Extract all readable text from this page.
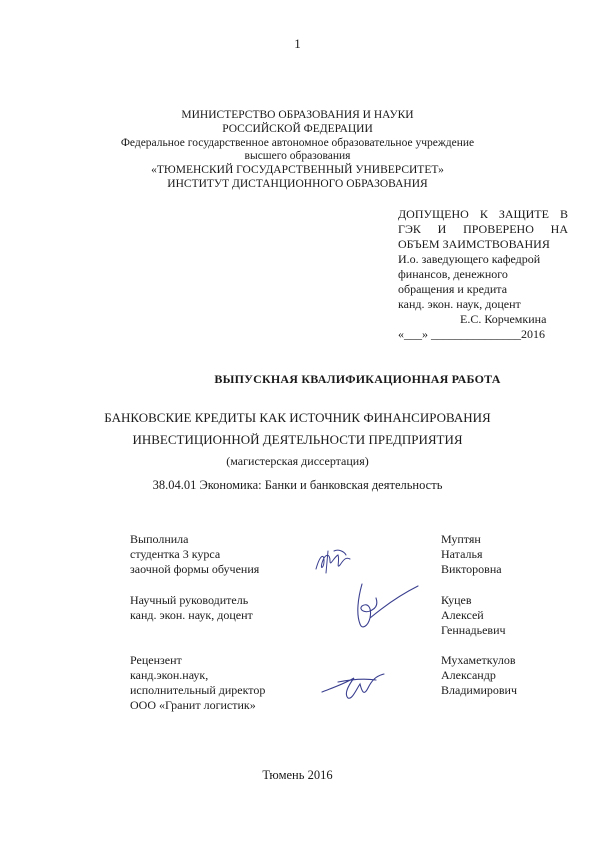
1
МИНИСТЕРСТВО ОБРАЗОВАНИЯ И НАУКИ
РОССИЙСКОЙ ФЕДЕРАЦИИ
Федеральное государственное автономное образовательное учреждение
высшего образования
«ТЮМЕНСКИЙ ГОСУДАРСТВЕННЫЙ УНИВЕРСИТЕТ»
ИНСТИТУТ ДИСТАНЦИОННОГО ОБРАЗОВАНИЯ
ДОПУЩЕНО К ЗАЩИТЕ В
ГЭК И ПРОВЕРЕНО НА
ОБЪЕМ ЗАИМСТВОВАНИЯ
И.о. заведующего кафедрой
финансов, денежного
обращения и кредита
канд. экон. наук, доцент
Е.С. Корчемкина
«___» _______________2016
ВЫПУСКНАЯ КВАЛИФИКАЦИОННАЯ РАБОТА
БАНКОВСКИЕ КРЕДИТЫ КАК ИСТОЧНИК ФИНАНСИРОВАНИЯ
ИНВЕСТИЦИОННОЙ ДЕЯТЕЛЬНОСТИ ПРЕДПРИЯТИЯ
(магистерская диссертация)
38.04.01 Экономика: Банки и банковская деятельность
Выполнила
студентка 3 курса
заочной формы обучения
Муптян
Наталья
Викторовна
Научный руководитель
канд. экон. наук, доцент
Куцев
Алексей
Геннадьевич
Рецензент
канд.экон.наук,
исполнительный директор
ООО «Гранит логистик»
Мухаметкулов
Александр
Владимирович
Тюмень 2016
